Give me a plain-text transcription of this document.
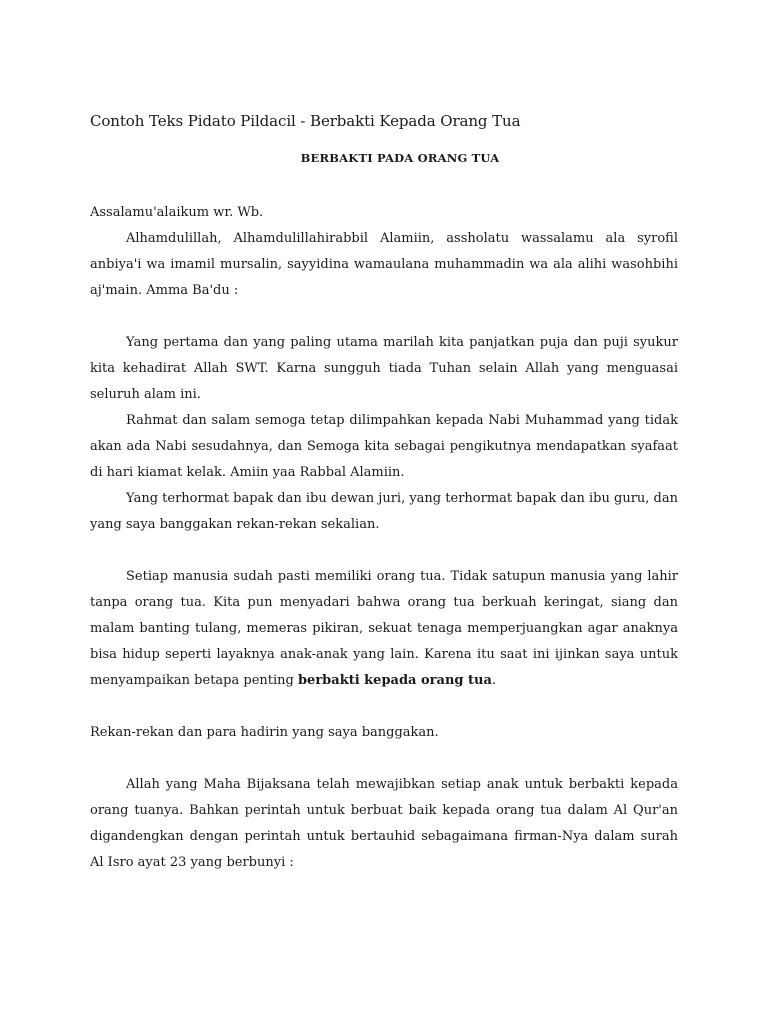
Contoh Teks Pidato Pildacil - Berbakti Kepada Orang Tua
BERBAKTI PADA ORANG TUA

Assalamu'alaikum wr. Wb.

Alhamdulillah, Alhamdulillahirabbil Alamiin, assholatu wassalamu ala syrofil anbiya'i wa imamil mursalin, sayyidina wamaulana muhammadin wa ala alihi wasohbihi aj'main. Amma Ba'du :

Yang pertama dan yang paling utama marilah kita panjatkan puja dan puji syukur kita kehadirat Allah SWT. Karna sungguh tiada Tuhan selain Allah yang menguasai seluruh alam ini.

Rahmat dan salam semoga tetap dilimpahkan kepada Nabi Muhammad yang tidak akan ada Nabi sesudahnya, dan Semoga kita sebagai pengikutnya mendapatkan syafaat di hari kiamat kelak. Amiin yaa Rabbal Alamiin.

Yang terhormat bapak dan ibu dewan juri, yang terhormat bapak dan ibu guru, dan yang saya banggakan rekan-rekan sekalian.

Setiap manusia sudah pasti memiliki orang tua. Tidak satupun manusia yang lahir tanpa orang tua. Kita pun menyadari bahwa orang tua berkuah keringat, siang dan malam banting tulang, memeras pikiran, sekuat tenaga memperjuangkan agar anaknya bisa hidup seperti layaknya anak-anak yang lain. Karena itu saat ini ijinkan saya untuk menyampaikan betapa penting berbakti kepada orang tua.

Rekan-rekan dan para hadirin yang saya banggakan.

Allah yang Maha Bijaksana telah mewajibkan setiap anak untuk berbakti kepada orang tuanya. Bahkan perintah untuk berbuat baik kepada orang tua dalam Al Qur'an digandengkan dengan perintah untuk bertauhid sebagaimana firman-Nya dalam surah Al Isro ayat 23 yang berbunyi :
